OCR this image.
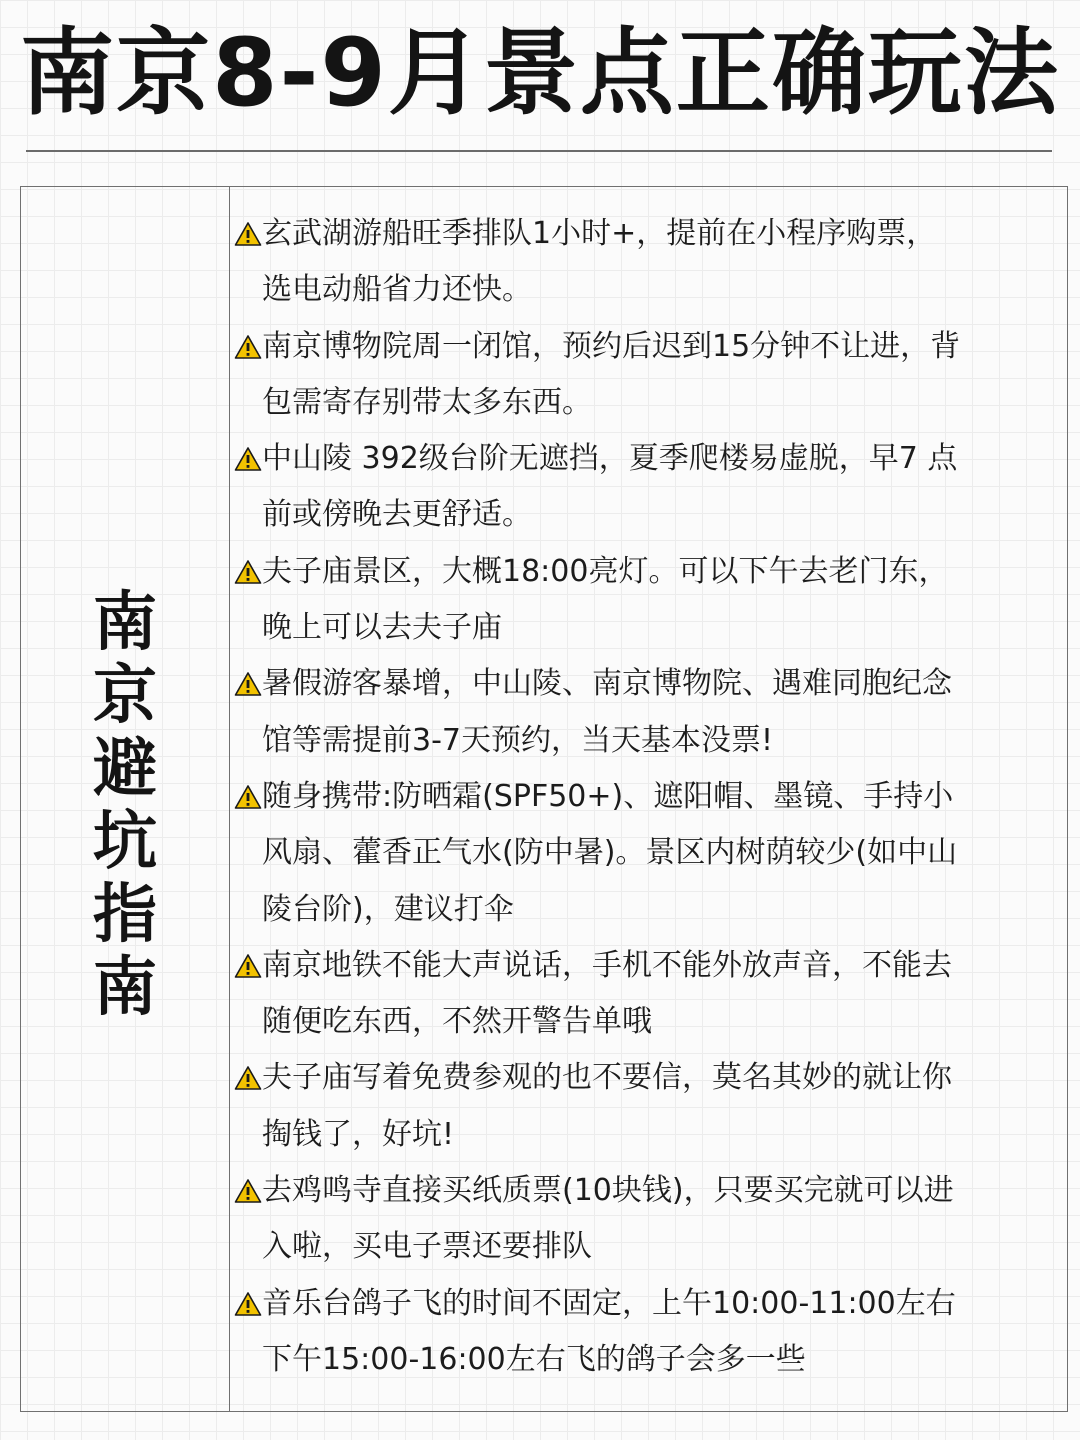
南京8-9月景点正确玩法
南京避坑指南
玄武湖游船旺季排队1小时+，提前在小程序购票，
选电动船省力还快。
南京博物院周一闭馆，预约后迟到15分钟不让进，背
包需寄存别带太多东西。
中山陵 392级台阶无遮挡，夏季爬楼易虚脱，早7 点
前或傍晚去更舒适。
夫子庙景区，大概18:00亮灯。可以下午去老门东，
晚上可以去夫子庙
暑假游客暴增，中山陵、南京博物院、遇难同胞纪念
馆等需提前3-7天预约，当天基本没票!
随身携带:防晒霜(SPF50+)、遮阳帽、墨镜、手持小
风扇、藿香正气水(防中暑)。景区内树荫较少(如中山
陵台阶)，建议打伞
南京地铁不能大声说话，手机不能外放声音，不能去
随便吃东西，不然开警告单哦
夫子庙写着免费参观的也不要信，莫名其妙的就让你
掏钱了，好坑!
去鸡鸣寺直接买纸质票(10块钱)，只要买完就可以进
入啦，买电子票还要排队
音乐台鸽子飞的时间不固定，上午10:00-11:00左右
下午15:00-16:00左右飞的鸽子会多一些
